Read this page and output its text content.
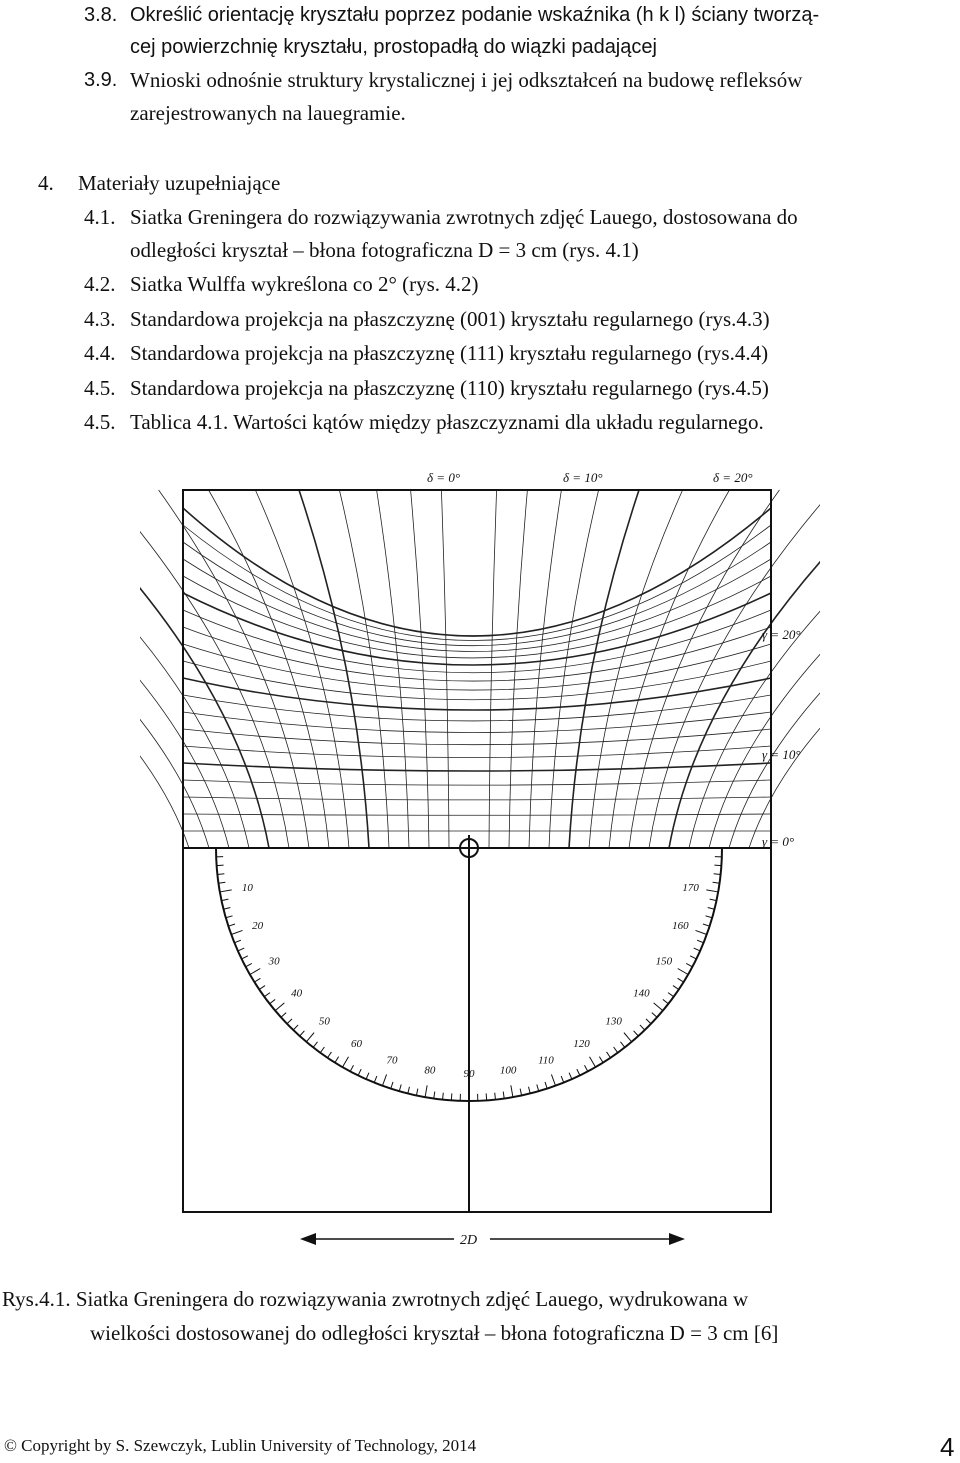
3.8. Określić orientację kryształu poprzez podanie wskaźnika (h k l) ściany tworzą-
cej powierzchnię kryształu, prostopadłą do wiązki padającej
3.9. Wnioski odnośnie struktury krystalicznej i jej odkształceń na budowę refleksów
zarejestrowanych na lauegramie.
4. Materiały uzupełniające
4.1. Siatka Greningera do rozwiązywania zwrotnych zdjęć Lauego, dostosowana do
odległości kryształ – błona fotograficzna D = 3 cm (rys. 4.1)
4.2. Siatka Wulffa wykreślona co 2° (rys. 4.2)
4.3. Standardowa projekcja na płaszczyznę (001) kryształu regularnego (rys.4.3)
4.4. Standardowa projekcja na płaszczyznę (111) kryształu regularnego (rys.4.4)
4.5. Standardowa projekcja na płaszczyznę (110) kryształu regularnego (rys.4.5)
4.5. Tablica 4.1. Wartości kątów między płaszczyznami dla układu regularnego.
10
20
30
40
50
60
70
80	90 100
110
120
130
140
150
160
170
δ = 0°	δ = 10°	δ = 20°
γ = 20°
γ = 10°
γ = 0°
2D
Rys.4.1. Siatka Greningera do rozwiązywania zwrotnych zdjęć Lauego, wydrukowana w
wielkości dostosowanej do odległości kryształ – błona fotograficzna D = 3 cm [6]
© Copyright by S. Szewczyk, Lublin University of Technology, 2014	4
